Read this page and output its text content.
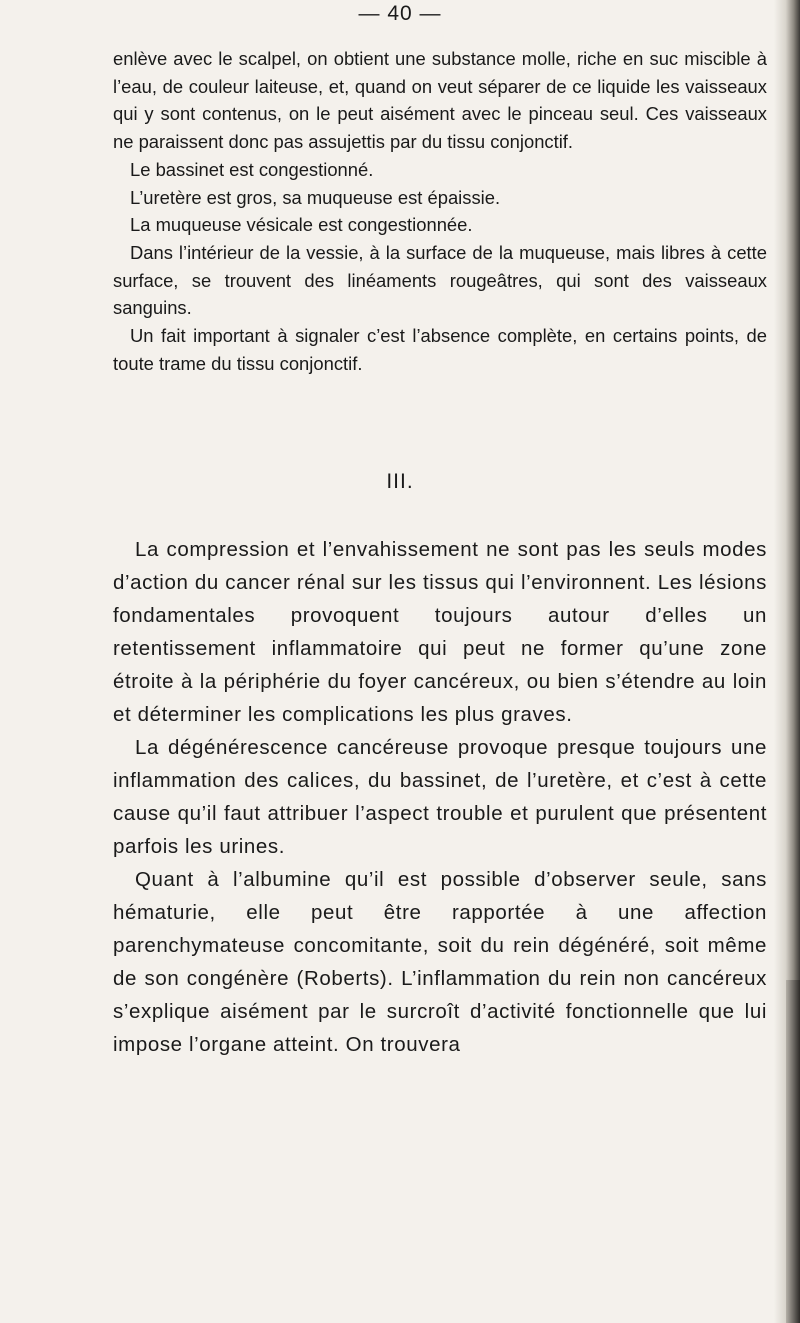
— 40 —

enlève avec le scalpel, on obtient une substance molle, riche en suc miscible à l’eau, de couleur laiteuse, et, quand on veut séparer de ce liquide les vaisseaux qui y sont contenus, on le peut aisément avec le pinceau seul. Ces vaisseaux ne paraissent donc pas assujettis par du tissu conjonctif.

Le bassinet est congestionné.

L’uretère est gros, sa muqueuse est épaissie.

La muqueuse vésicale est congestionnée.

Dans l’intérieur de la vessie, à la surface de la muqueuse, mais libres à cette surface, se trouvent des linéaments rougeâtres, qui sont des vaisseaux sanguins.

Un fait important à signaler c’est l’absence complète, en certains points, de toute trame du tissu conjonctif.

III.

La compression et l’envahissement ne sont pas les seuls modes d’action du cancer rénal sur les tissus qui l’environnent. Les lésions fondamentales provoquent toujours autour d’elles un retentissement inflammatoire qui peut ne former qu’une zone étroite à la périphérie du foyer cancéreux, ou bien s’étendre au loin et déterminer les complications les plus graves.

La dégénérescence cancéreuse provoque presque toujours une inflammation des calices, du bassinet, de l’uretère, et c’est à cette cause qu’il faut attribuer l’aspect trouble et purulent que présentent parfois les urines.

Quant à l’albumine qu’il est possible d’observer seule, sans hématurie, elle peut être rapportée à une affection parenchymateuse concomitante, soit du rein dégénéré, soit même de son congénère (Roberts). L’inflammation du rein non cancéreux s’explique aisément par le surcroît d’activité fonctionnelle que lui impose l’organe atteint. On trouvera
